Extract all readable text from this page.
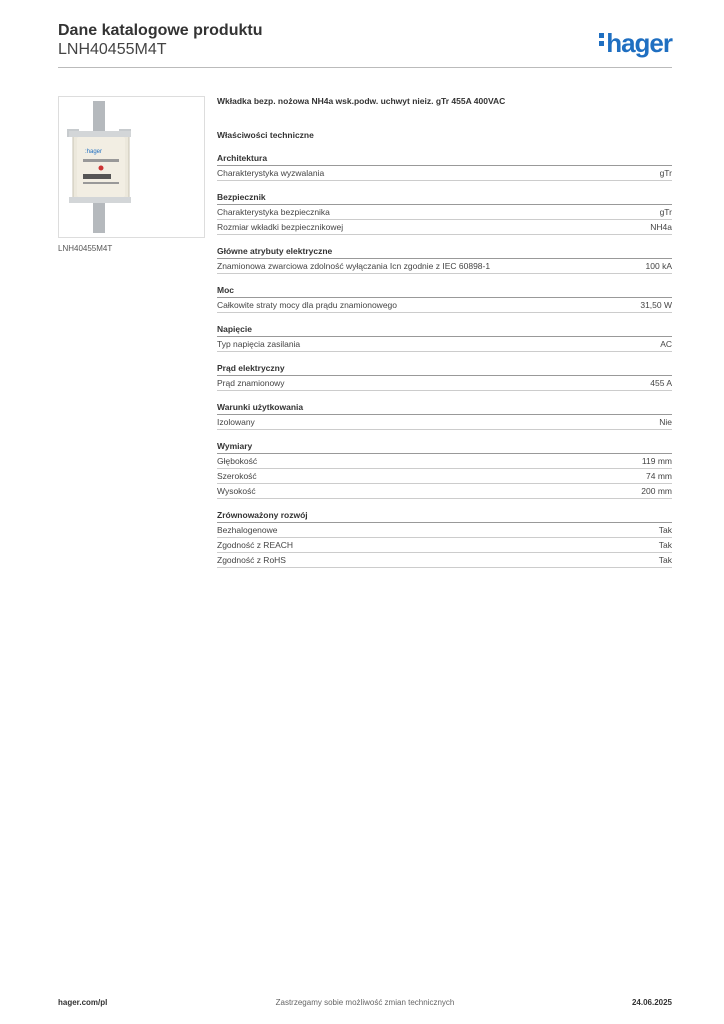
Dane katalogowe produktu
LNH40455M4T	hager
:hager
LNH40455M4T
Wkładka bezp. nożowa NH4a wsk.podw. uchwyt nieiz. gTr 455A 400VAC
Właściwości techniczne
Architektura
Charakterystyka wyzwalania	gTr
Bezpiecznik
Charakterystyka bezpiecznika	gTr
Rozmiar wkładki bezpiecznikowej	NH4a
Główne atrybuty elektryczne
Znamionowa zwarciowa zdolność wyłączania Icn zgodnie z IEC 60898-1	100 kA
Moc
Całkowite straty mocy dla prądu znamionowego	31,50 W
Napięcie
Typ napięcia zasilania	AC
Prąd elektryczny
Prąd znamionowy	455 A
Warunki użytkowania
Izolowany	Nie
Wymiary
Głębokość	119 mm
Szerokość	74 mm
Wysokość	200 mm
Zrównoważony rozwój
Bezhalogenowe	Tak
Zgodność z REACH	Tak
Zgodność z RoHS	Tak
hager.com/pl	Zastrzegamy sobie możliwość zmian technicznych	24.06.2025
